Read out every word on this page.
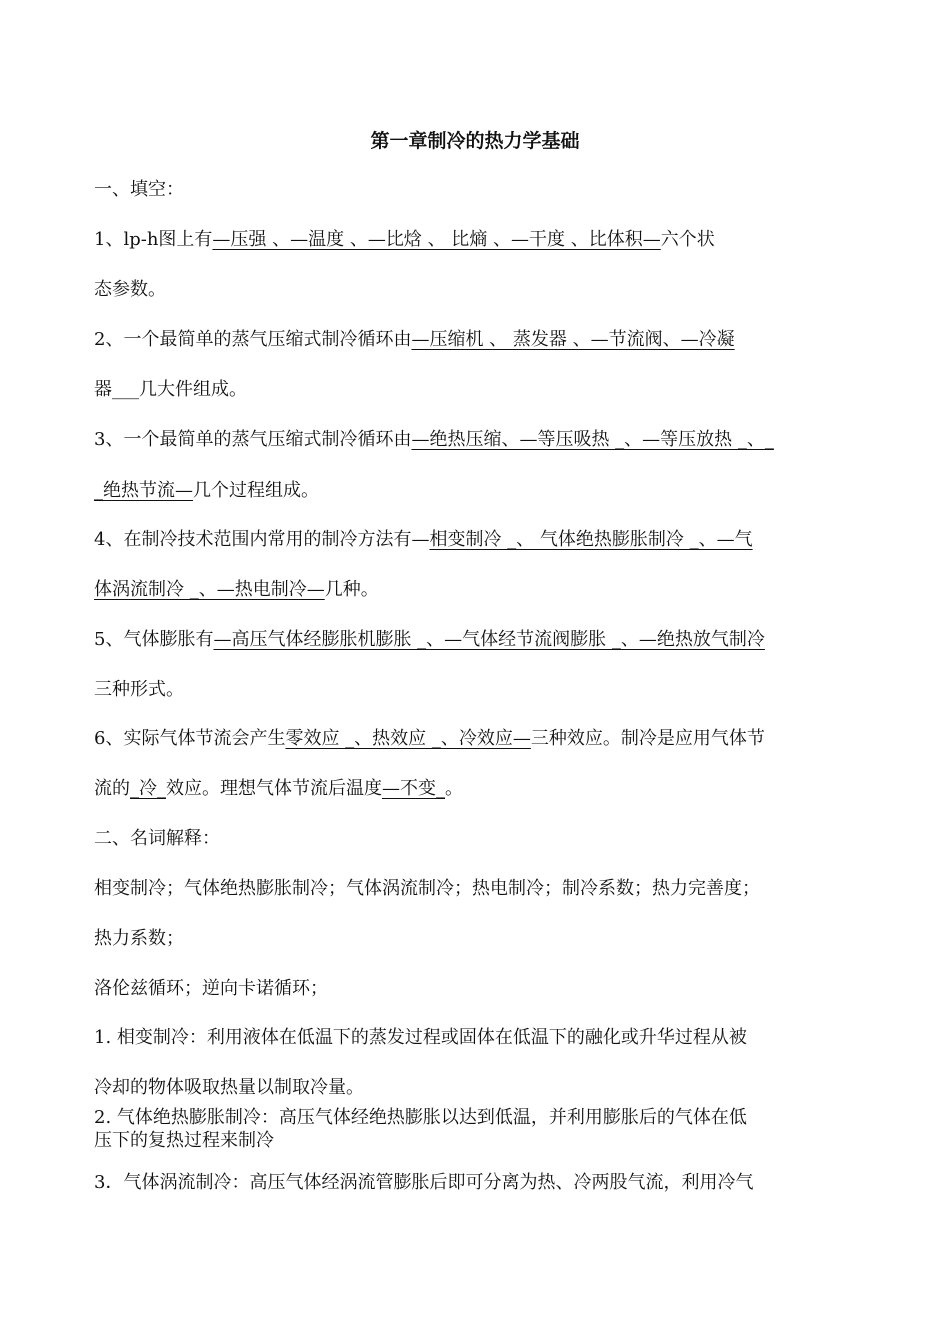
第一章制冷的热力学基础
一、填空：
1、lp-h图上有—压强 、—温度 、—比焓 、 比熵 、—干度 、比体积—六个状
态参数。
2、一个最简单的蒸气压缩式制冷循环由—压缩机 、 蒸发器 、—节流阀、—冷凝
器___几大件组成。
3、一个最简单的蒸气压缩式制冷循环由—绝热压缩、—等压吸热 _、—等压放热 _、_
_绝热节流—几个过程组成。
4、在制冷技术范围内常用的制冷方法有—相变制冷 _、 气体绝热膨胀制冷 _、—气
体涡流制冷 _、—热电制冷—几种。
5、气体膨胀有—高压气体经膨胀机膨胀 _、—气体经节流阀膨胀 _、—绝热放气制冷
三种形式。
6、实际气体节流会产生零效应 _、热效应 _、冷效应—三种效应。制冷是应用气体节
流的_冷_效应。理想气体节流后温度—不变_。
二、名词解释：
相变制冷；气体绝热膨胀制冷；气体涡流制冷；热电制冷；制冷系数；热力完善度；
热力系数；
洛伦兹循环；逆向卡诺循环；
1. 相变制冷：利用液体在低温下的蒸发过程或固体在低温下的融化或升华过程从被
冷却的物体吸取热量以制取冷量。
2. 气体绝热膨胀制冷：高压气体经绝热膨胀以达到低温，并利用膨胀后的气体在低
压下的复热过程来制冷
3．气体涡流制冷：高压气体经涡流管膨胀后即可分离为热、冷两股气流，利用冷气
